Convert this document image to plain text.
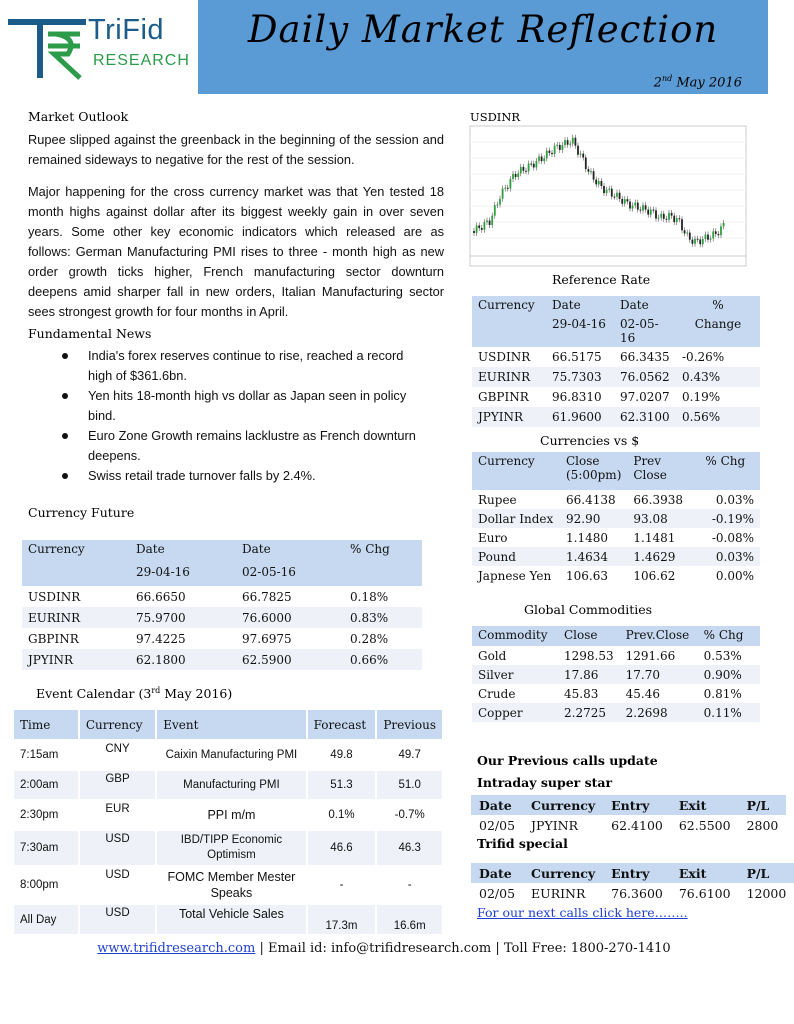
TriFid
RESEARCH
Daily Market Reflection
2nd May 2016
Market Outlook
Rupee slipped against the greenback in the beginning of the session and remained sideways to negative for the rest of the session.
Major happening for the cross currency market was that Yen tested 18 month highs against dollar after its biggest weekly gain in over seven years. Some other key economic indicators which released are as follows: German Manufacturing PMI rises to three - month high as new order growth ticks higher, French manufacturing sector downturn deepens amid sharper fall in new orders, Italian Manufacturing sector sees strongest growth for four months in April.
Fundamental News
India's forex reserves continue to rise, reached a record high of $361.6bn.
Yen hits 18-month high vs dollar as Japan seen in policy bind.
Euro Zone Growth remains lacklustre as French downturn deepens.
Swiss retail trade turnover falls by 2.4%.
Currency Future
Currency	Date	Date	% Chg
	29-04-16	02-05-16	
USDINR	66.6650	66.7825	0.18%
EURINR	75.9700	76.6000	0.83%
GBPINR	97.4225	97.6975	0.28%
JPYINR	62.1800	62.5900	0.66%
Event Calendar (3rd May 2016)
Time	Currency	Event	Forecast	Previous
7:15am	CNY	Caixin Manufacturing PMI	49.8	49.7
2:00am	GBP	Manufacturing PMI	51.3	51.0
2:30pm	EUR	PPI m/m	0.1%	-0.7%
7:30am	USD	IBD/TIPP Economic Optimism	46.6	46.3
8:00pm	USD	FOMC Member Mester Speaks	-	-
All Day	USD	Total Vehicle Sales	17.3m	16.6m
USDINR
Reference Rate
Currency	Date	Date	%
	29-04-16	02-05-16	Change
USDINR	66.5175	66.3435	-0.26%
EURINR	75.7303	76.0562	0.43%
GBPINR	96.8310	97.0207	0.19%
JPYINR	61.9600	62.3100	0.56%
Currencies vs $
Currency	Close (5:00pm)	Prev Close	% Chg
Rupee	66.4138	66.3938	0.03%
Dollar Index	92.90	93.08	-0.19%
Euro	1.1480	1.1481	-0.08%
Pound	1.4634	1.4629	0.03%
Japnese Yen	106.63	106.62	0.00%
Global Commodities
Commodity	Close	Prev.Close	% Chg
Gold	1298.53	1291.66	0.53%
Silver	17.86	17.70	0.90%
Crude	45.83	45.46	0.81%
Copper	2.2725	2.2698	0.11%
Our Previous calls update
Intraday super star
Date	Currency	Entry	Exit	P/L
02/05	JPYINR	62.4100	62.5500	2800
Trifid special
Date	Currency	Entry	Exit	P/L
02/05	EURINR	76.3600	76.6100	12000
For our next calls click here……..
www.trifidresearch.com | Email id: info@trifidresearch.com | Toll Free: 1800-270-1410
